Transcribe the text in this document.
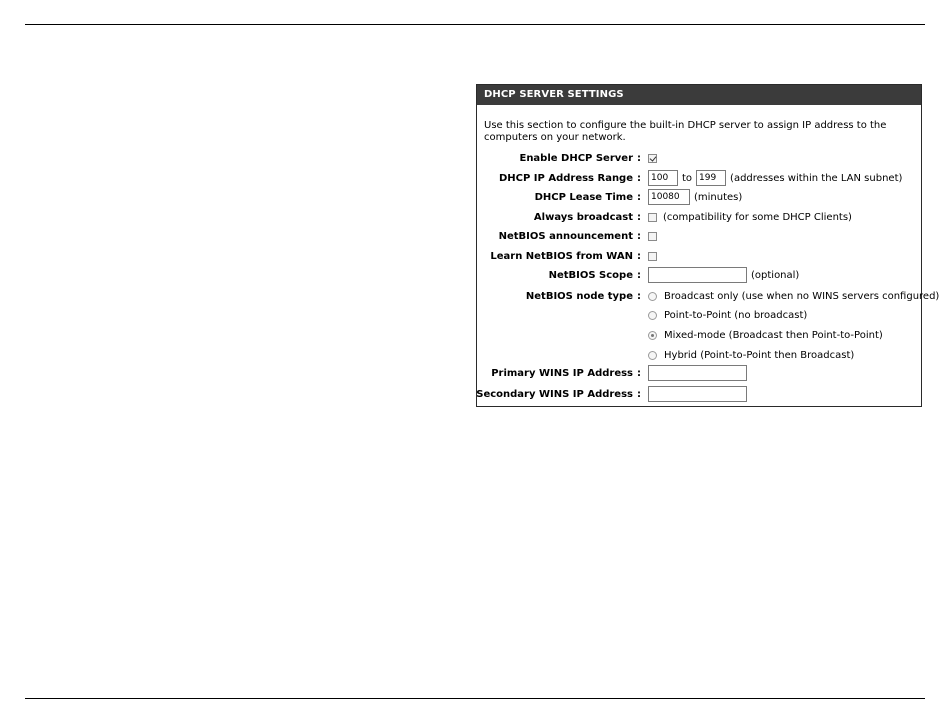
DHCP SERVER SETTINGS
Use this section to configure the built-in DHCP server to assign IP address to the computers on your network.
Enable DHCP Server :
DHCP IP Address Range :	100	to 199	(addresses within the LAN subnet)
DHCP Lease Time :	10080	(minutes)
Always broadcast : (compatibility for some DHCP Clients)
NetBIOS announcement :
Learn NetBIOS from WAN :
NetBIOS Scope :	(optional)
NetBIOS node type : Broadcast only (use when no WINS servers configured)
Point-to-Point (no broadcast)
Mixed-mode (Broadcast then Point-to-Point)
Hybrid (Point-to-Point then Broadcast)
Primary WINS IP Address :
Secondary WINS IP Address :
